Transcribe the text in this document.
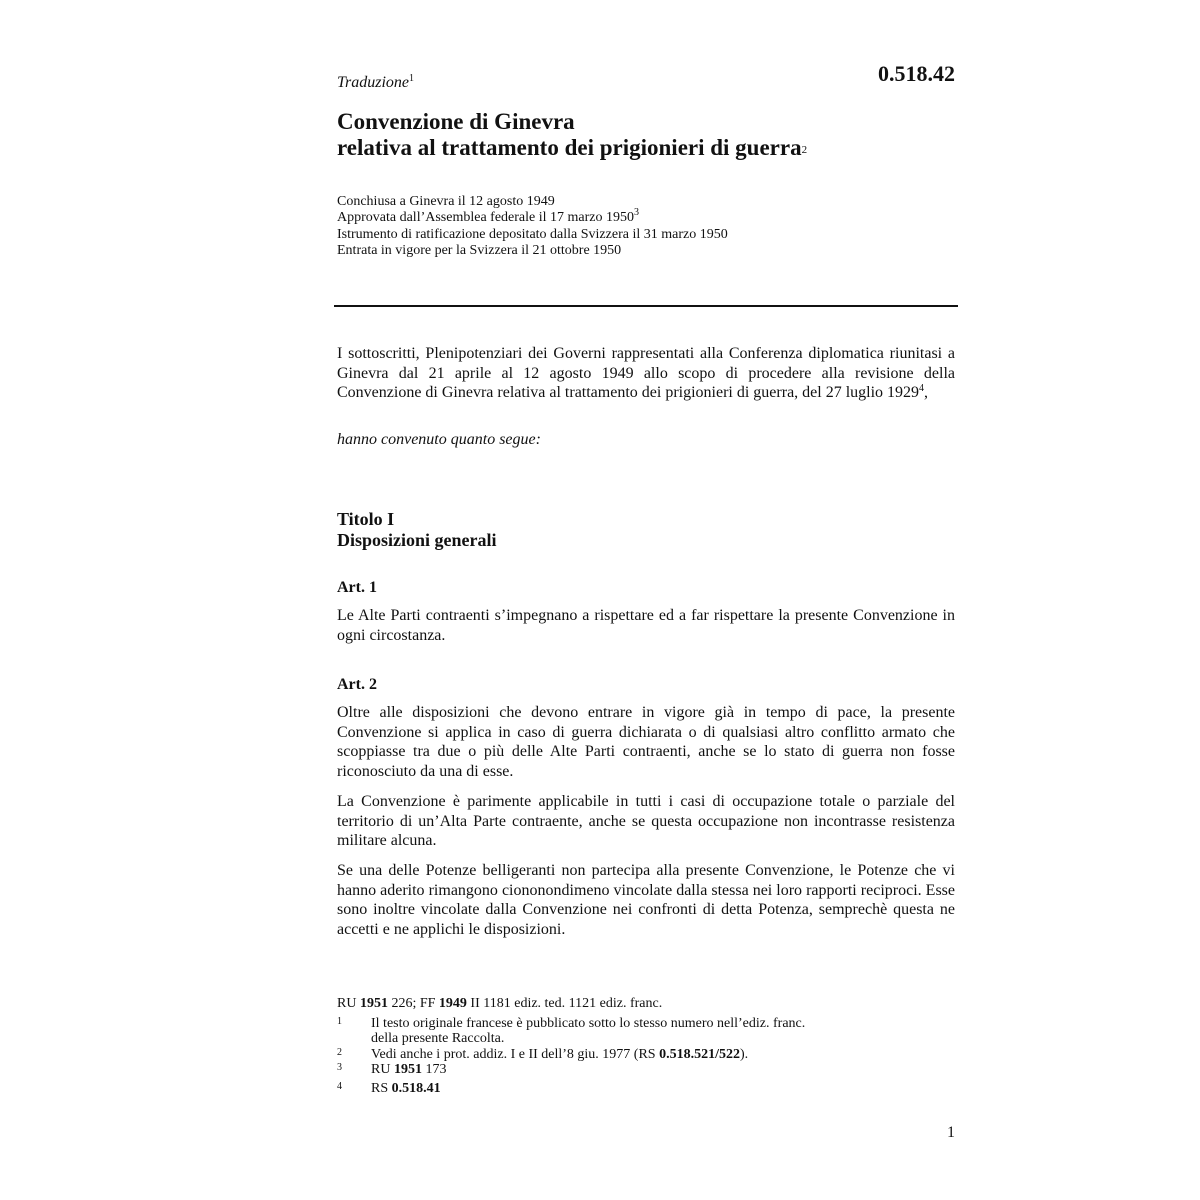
Traduzione$^1$	0.518.42
Convenzione di Ginevra
relativa al trattamento dei prigionieri di guerra$^2$
Conchiusa a Ginevra il 12 agosto 1949
Approvata dall’Assemblea federale il 17 marzo 1950$^3$
Istrumento di ratificazione depositato dalla Svizzera il 31 marzo 1950
Entrata in vigore per la Svizzera il 21 ottobre 1950
I sottoscritti, Plenipotenziari dei Governi rappresentati alla Conferenza diplomatica riunitasi a Ginevra dal 21 aprile al 12 agosto 1949 allo scopo di procedere alla revisione della Convenzione di Ginevra relativa al trattamento dei prigionieri di guerra, del 27 luglio 1929$^4$,
hanno convenuto quanto segue:
Titolo I
Disposizioni generali
Art. 1
Le Alte Parti contraenti s’impegnano a rispettare ed a far rispettare la presente Convenzione in ogni circostanza.
Art. 2
Oltre alle disposizioni che devono entrare in vigore già in tempo di pace, la presente Convenzione si applica in caso di guerra dichiarata o di qualsiasi altro conflitto armato che scoppiasse tra due o più delle Alte Parti contraenti, anche se lo stato di guerra non fosse riconosciuto da una di esse.
La Convenzione è parimente applicabile in tutti i casi di occupazione totale o parziale del territorio di un’Alta Parte contraente, anche se questa occupazione non incontrasse resistenza militare alcuna.
Se una delle Potenze belligeranti non partecipa alla presente Convenzione, le Potenze che vi hanno aderito rimangono ciononondimeno vincolate dalla stessa nei loro rapporti reciproci. Esse sono inoltre vincolate dalla Convenzione nei confronti di detta Potenza, semprechè questa ne accetti e ne applichi le disposizioni.
RU 1951 226; FF 1949 II 1181 ediz. ted. 1121 ediz. franc.
1 Il testo originale francese è pubblicato sotto lo stesso numero nell’ediz. franc.
della presente Raccolta.
2 Vedi anche i prot. addiz. I e II dell’8 giu. 1977 (RS 0.518.521/522).
3 RU 1951 173
4 RS 0.518.41
1
